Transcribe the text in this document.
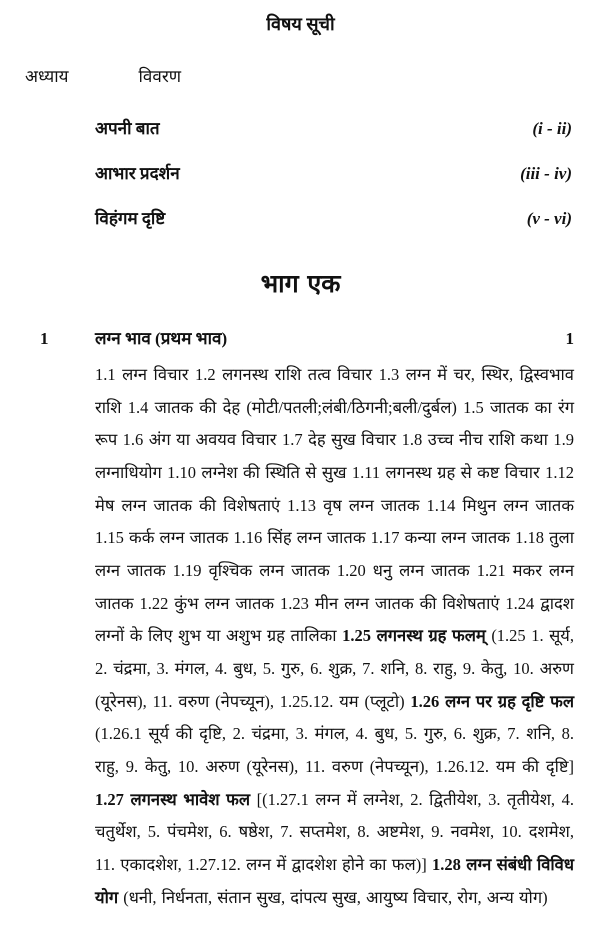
विषय सूची
अध्याय	विवरण
अपनी बात	(i - ii)
आभार प्रदर्शन	(iii - iv)
विहंगम दृष्टि	(v - vi)
भाग एक
1	लग्न भाव (प्रथम भाव)	1
1.1 लग्न विचार 1.2 लगनस्थ राशि तत्व विचार 1.3 लग्न में चर, स्थिर, द्विस्वभाव राशि 1.4 जातक की देह (मोटी/पतली;लंबी/ठिगनी;बली/दुर्बल) 1.5 जातक का रंग रूप 1.6 अंग या अवयव विचार 1.7 देह सुख विचार 1.8 उच्च नीच राशि कथा 1.9 लग्नाधियोग 1.10 लग्नेश की स्थिति से सुख 1.11 लगनस्थ ग्रह से कष्ट विचार 1.12 मेष लग्न जातक की विशेषताएं 1.13 वृष लग्न जातक 1.14 मिथुन लग्न जातक 1.15 कर्क लग्न जातक 1.16 सिंह लग्न जातक 1.17 कन्या लग्न जातक 1.18 तुला लग्न जातक 1.19 वृश्चिक लग्न जातक 1.20 धनु लग्न जातक 1.21 मकर लग्न जातक 1.22 कुंभ लग्न जातक 1.23 मीन लग्न जातक की विशेषताएं 1.24 द्वादश लग्नों के लिए शुभ या अशुभ ग्रह तालिका 1.25 लगनस्थ ग्रह फलम् (1.25 1. सूर्य, 2. चंद्रमा, 3. मंगल, 4. बुध, 5. गुरु, 6. शुक्र, 7. शनि, 8. राहु, 9. केतु, 10. अरुण (यूरेनस), 11. वरुण (नेपच्यून), 1.25.12. यम (प्लूटो) 1.26 लग्न पर ग्रह दृष्टि फल (1.26.1 सूर्य की दृष्टि, 2. चंद्रमा, 3. मंगल, 4. बुध, 5. गुरु, 6. शुक्र, 7. शनि, 8. राहु, 9. केतु, 10. अरुण (यूरेनस), 11. वरुण (नेपच्यून), 1.26.12. यम की दृष्टि] 1.27 लगनस्थ भावेश फल [(1.27.1 लग्न में लग्नेश, 2. द्वितीयेश, 3. तृतीयेश, 4. चतुर्थेश, 5. पंचमेश, 6. षष्ठेश, 7. सप्तमेश, 8. अष्टमेश, 9. नवमेश, 10. दशमेश, 11. एकादशेश, 1.27.12. लग्न में द्वादशेश होने का फल)] 1.28 लग्न संबंधी विविध योग (धनी, निर्धनता, संतान सुख, दांपत्य सुख, आयुष्य विचार, रोग, अन्य योग)
